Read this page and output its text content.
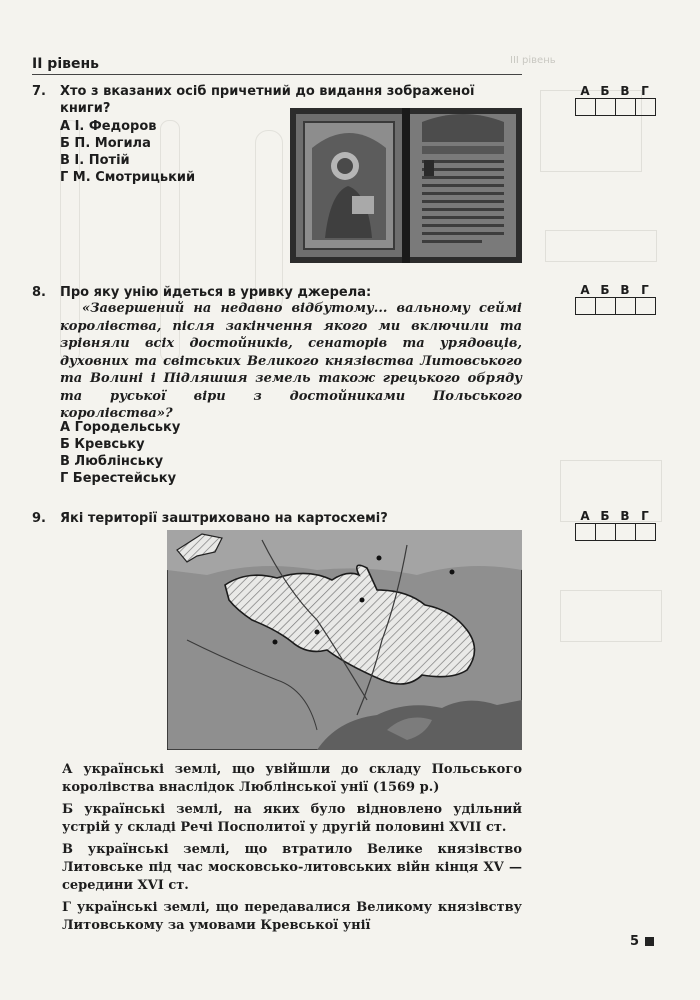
ІІІ рівень
ІІ рівень
7. Хто з вказаних осіб причетний до видання зображеної книги?

А І. Федоров

Б П. Могила

В І. Потій

Г М. Смотрицький

А Б В Г
8. Про яку унію йдеться в уривку джерела:
«Завершений на недавно відбутому... вальному сеймі королівства, після закінчення якого ми включили та зрівняли всіх достойників, сенаторів та урядовців, духовних та світських Великого князівства Литовського та Волині і Підляшшя земель також грецького обряду та руської віри з достойниками Польського королівства»?

А Городельську

Б Кревську

В Люблінську

Г Берестейську

А Б В Г
9. Які території заштриховано на картосхемі?	А Б В Г

А українські землі, що увійшли до складу Польського королівства внаслідок Люблінської унії (1569 р.)

Б українські землі, на яких було відновлено удільний устрій у складі Речі Посполитої у другій половині XVII ст.

В українські землі, що втратило Велике князівство Литовське під час московсько-литовських війн кінця XV — середини XVI ст.

Г українські землі, що передавалися Великому князівству Литовському за умовами Кревської унії

5
